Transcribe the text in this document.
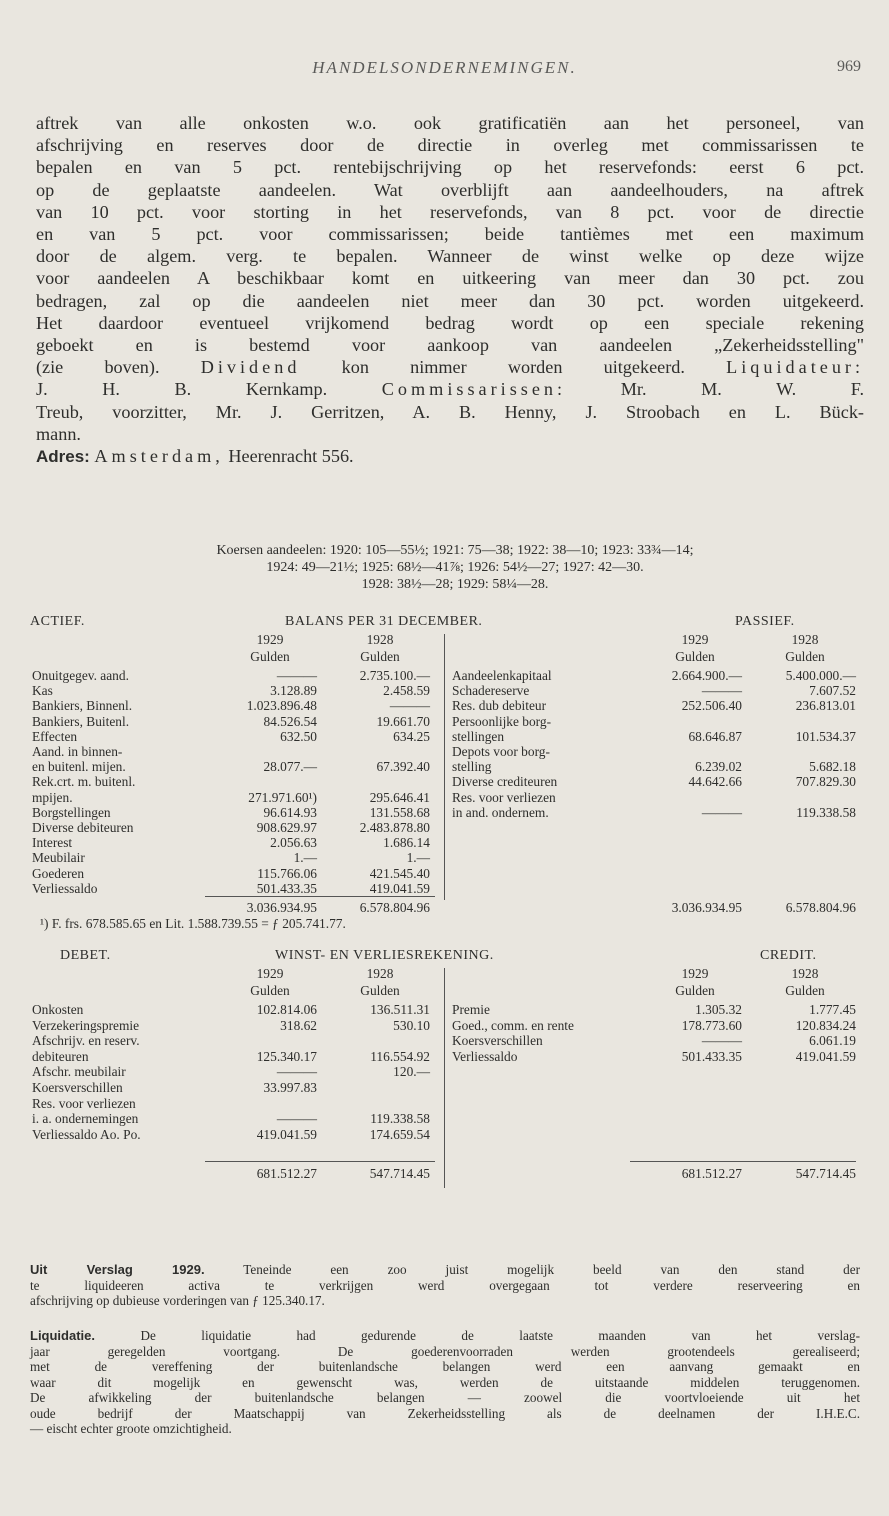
HANDELSONDERNEMINGEN.	969
aftrek van alle onkosten w.o. ook gratificatiën aan het personeel, van
afschrijving en reserves door de directie in overleg met commissarissen te
bepalen en van 5 pct. rentebijschrijving op het reservefonds: eerst 6 pct.
op de geplaatste aandeelen. Wat overblijft aan aandeelhouders, na aftrek
van 10 pct. voor storting in het reservefonds, van 8 pct. voor de directie
en van 5 pct. voor commissarissen; beide tantièmes met een maximum
door de algem. verg. te bepalen. Wanneer de winst welke op deze wijze
voor aandeelen A beschikbaar komt en uitkeering van meer dan 30 pct. zou
bedragen, zal op die aandeelen niet meer dan 30 pct. worden uitgekeerd.
Het daardoor eventueel vrijkomend bedrag wordt op een speciale rekening
geboekt en is bestemd voor aankoop van aandeelen „Zekerheidsstelling"
(zie boven). Dividend kon nimmer worden uitgekeerd. Liquidateur:
J. H. B. Kernkamp.	Commissarissen:	Mr. M. W. F.
Treub, voorzitter, Mr. J. Gerritzen, A. B. Henny, J. Stroobach en L. Bück-
mann.
Adres: Amsterdam, Heerenracht 556.
Koersen aandeelen: 1920: 105—55½; 1921: 75—38; 1922: 38—10; 1923: 33¾—14;
1924: 49—21½; 1925: 68½—41⅞; 1926: 54½—27; 1927: 42—30.
1928: 38½—28; 1929: 58¼—28.
ACTIEF.	BALANS PER 31 DECEMBER.	PASSIEF.
1929	1928
Gulden	Gulden
1929	1928
Gulden	Gulden
Onuitgegev. aand.	———	2.735.100.—
Kas	3.128.89	2.458.59
Bankiers, Binnenl.	1.023.896.48	———
Bankiers, Buitenl.	84.526.54	19.661.70
Effecten	632.50	634.25
Aand. in binnen-
en buitenl. mijen.	28.077.—	67.392.40
Rek.crt. m. buitenl.
mpijen.	271.971.60¹)	295.646.41
Borgstellingen	96.614.93	131.558.68
Diverse debiteuren	908.629.97	2.483.878.80
Interest	2.056.63	1.686.14
Meubilair	1.—	1.—
Goederen	115.766.06	421.545.40
Verliessaldo	501.433.35	419.041.59
Aandeelenkapitaal	2.664.900.—	5.400.000.—
Schadereserve	———	7.607.52
Res. dub debiteur	252.506.40	236.813.01
Persoonlijke borg-
stellingen	68.646.87	101.534.37
Depots voor borg-
stelling	6.239.02	5.682.18
Diverse crediteuren	44.642.66	707.829.30
Res. voor verliezen
in and. ondernem.	———	119.338.58
3.036.934.95	6.578.804.96	3.036.934.95	6.578.804.96
¹) F. frs. 678.585.65 en Lit. 1.588.739.55 = ƒ 205.741.77.
DEBET.	WINST- EN VERLIESREKENING.	CREDIT.
1929	1928
Gulden	Gulden
1929	1928
Gulden	Gulden
Onkosten	102.814.06	136.511.31
Verzekeringspremie	318.62	530.10
Afschrijv. en reserv.
debiteuren	125.340.17	116.554.92
Afschr. meubilair	———	120.—
Koersverschillen	33.997.83
Res. voor verliezen
i. a. ondernemingen	———	119.338.58
Verliessaldo Ao. Po.	419.041.59	174.659.54
Premie	1.305.32	1.777.45
Goed., comm. en rente	178.773.60	120.834.24
Koersverschillen	———	6.061.19
Verliessaldo	501.433.35	419.041.59
681.512.27	547.714.45	681.512.27	547.714.45
Uit Verslag 1929.	Teneinde een zoo juist mogelijk beeld van den stand der
te liquideeren activa te verkrijgen werd overgegaan tot verdere reserveering en
afschrijving op dubieuse vorderingen van ƒ 125.340.17.
Liquidatie.	De liquidatie had gedurende de laatste maanden van het verslag-
jaar geregelden voortgang. De goederenvoorraden werden grootendeels gerealiseerd;
met de vereffening der buitenlandsche belangen werd een aanvang gemaakt en
waar dit mogelijk en gewenscht was, werden de uitstaande middelen teruggenomen.
De afwikkeling der buitenlandsche belangen — zoowel die voortvloeiende uit het
oude bedrijf der Maatschappij van Zekerheidsstelling als de deelnamen der I.H.E.C.
— eischt echter groote omzichtigheid.
